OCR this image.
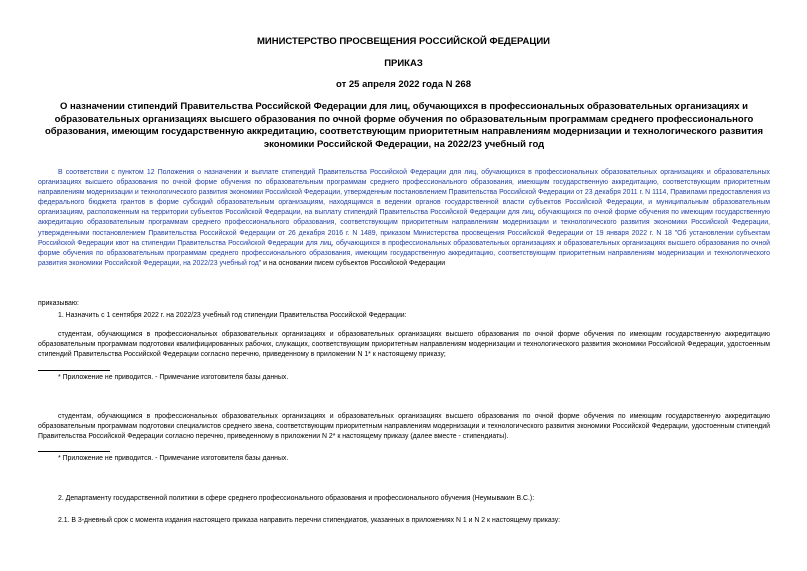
МИНИСТЕРСТВО ПРОСВЕЩЕНИЯ РОССИЙСКОЙ ФЕДЕРАЦИИ
ПРИКАЗ
от 25 апреля 2022 года N 268
О назначении стипендий Правительства Российской Федерации для лиц, обучающихся в профессиональных образовательных организациях и образовательных организациях высшего образования по очной форме обучения по образовательным программам среднего профессионального образования, имеющим государственную аккредитацию, соответствующим приоритетным направлениям модернизации и технологического развития экономики Российской Федерации, на 2022/23 учебный год
В соответствии с пунктом 12 Положения о назначении и выплате стипендий Правительства Российской Федерации для лиц, обучающихся в профессиональных образовательных организациях и образовательных организациях высшего образования по очной форме обучения по образовательным программам среднего профессионального образования, имеющим государственную аккредитацию, соответствующим приоритетным направлениям модернизации и технологического развития экономики Российской Федерации, утвержденным постановлением Правительства Российской Федерации от 23 декабря 2011 г. N 1114, Правилами предоставления из федерального бюджета грантов в форме субсидий образовательным организациям, находящимся в ведении органов государственной власти субъектов Российской Федерации, и муниципальным образовательным организациям, расположенным на территории субъектов Российской Федерации, на выплату стипендий Правительства Российской Федерации для лиц, обучающихся по очной форме обучения по имеющим государственную аккредитацию образовательным программам среднего профессионального образования, соответствующим приоритетным направлениям модернизации и технологического развития экономики Российской Федерации, утвержденными постановлением Правительства Российской Федерации от 26 декабря 2016 г. N 1489, приказом Министерства просвещения Российской Федерации от 19 января 2022 г. N 18 "Об установлении субъектам Российской Федерации квот на стипендии Правительства Российской Федерации для лиц, обучающихся в профессиональных образовательных организациях и образовательных организациях высшего образования по очной форме обучения по образовательным программам среднего профессионального образования, имеющим государственную аккредитацию, соответствующим приоритетным направлениям модернизации и технологического развития экономики Российской Федерации, на 2022/23 учебный год" и на основании писем субъектов Российской Федерации
приказываю:
1. Назначить с 1 сентября 2022 г. на 2022/23 учебный год стипендии Правительства Российской Федерации:
студентам, обучающимся в профессиональных образовательных организациях и образовательных организациях высшего образования по очной форме обучения по имеющим государственную аккредитацию образовательным программам подготовки квалифицированных рабочих, служащих, соответствующим приоритетным направлениям модернизации и технологического развития экономики Российской Федерации, удостоенным стипендий Правительства Российской Федерации согласно перечню, приведенному в приложении N 1* к настоящему приказу;
* Приложение не приводится. - Примечание изготовителя базы данных.
студентам, обучающимся в профессиональных образовательных организациях и образовательных организациях высшего образования по очной форме обучения по имеющим государственную аккредитацию образовательным программам подготовки специалистов среднего звена, соответствующим приоритетным направлениям модернизации и технологического развития экономики Российской Федерации, удостоенным стипендий Правительства Российской Федерации согласно перечню, приведенному в приложении N 2* к настоящему приказу (далее вместе - стипендиаты).
* Приложение не приводится. - Примечание изготовителя базы данных.
2. Департаменту государственной политики в сфере среднего профессионального образования и профессионального обучения (Неумывакин В.С.):
2.1. В 3-дневный срок с момента издания настоящего приказа направить перечни стипендиатов, указанных в приложениях N 1 и N 2 к настоящему приказу:
